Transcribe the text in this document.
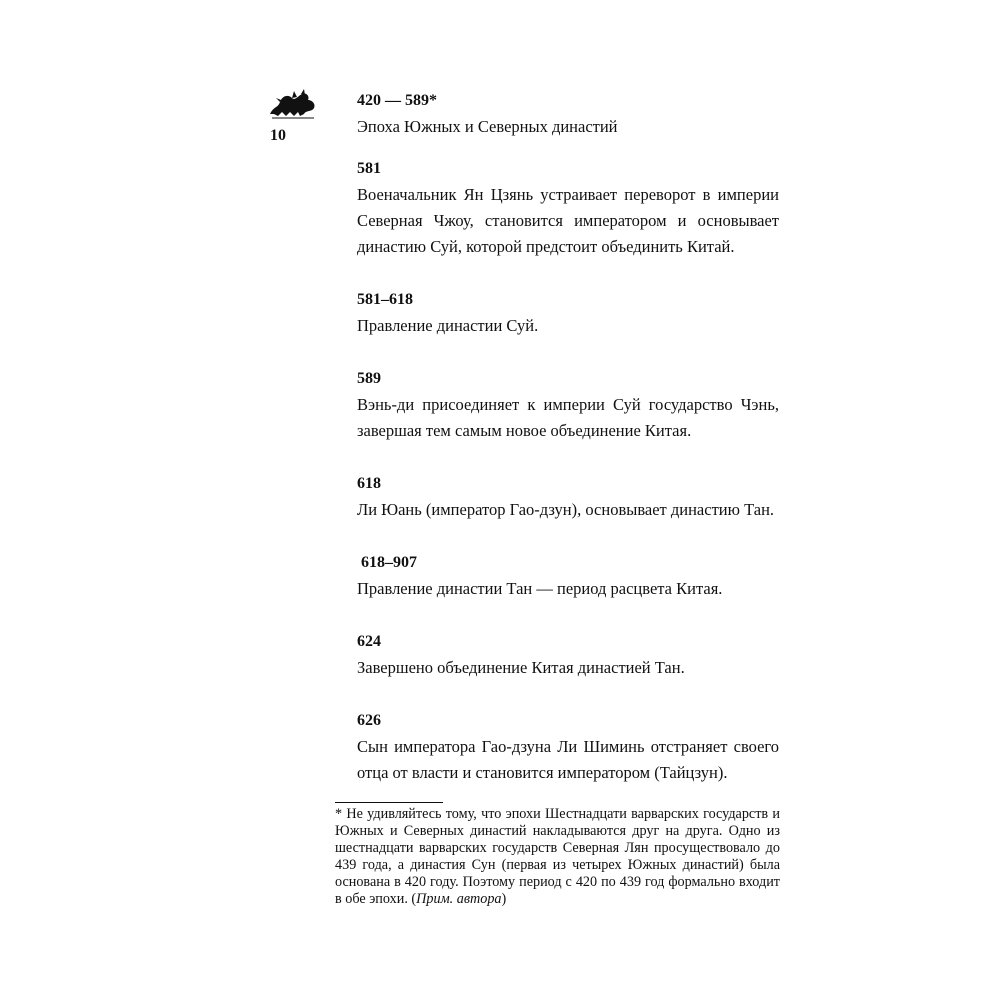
10

420 — 589*

Эпоха Южных и Северных династий

581

Военачальник Ян Цзянь устраивает переворот в империи Северная Чжоу, становится императором и основывает династию Суй, которой предстоит объединить Китай.

581–618

Правление династии Суй.

589

Вэнь-ди присоединяет к империи Суй государство Чэнь, завершая тем самым новое объединение Китая.

618

Ли Юань (император Гао-дзун), основывает династию Тан.

618–907

Правление династии Тан — период расцвета Китая.

624

Завершено объединение Китая династией Тан.

626

Сын императора Гао-дзуна Ли Шиминь отстраняет своего отца от власти и становится императором (Тайцзун).

* Не удивляйтесь тому, что эпохи Шестнадцати варварских государств и Южных и Северных династий накладываются друг на друга. Одно из шестнадцати варварских государств Северная Лян просуществовало до 439 года, а династия Сун (первая из четырех Южных династий) была основана в 420 году. Поэтому период с 420 по 439 год формально входит в обе эпохи. (Прим. автора)
